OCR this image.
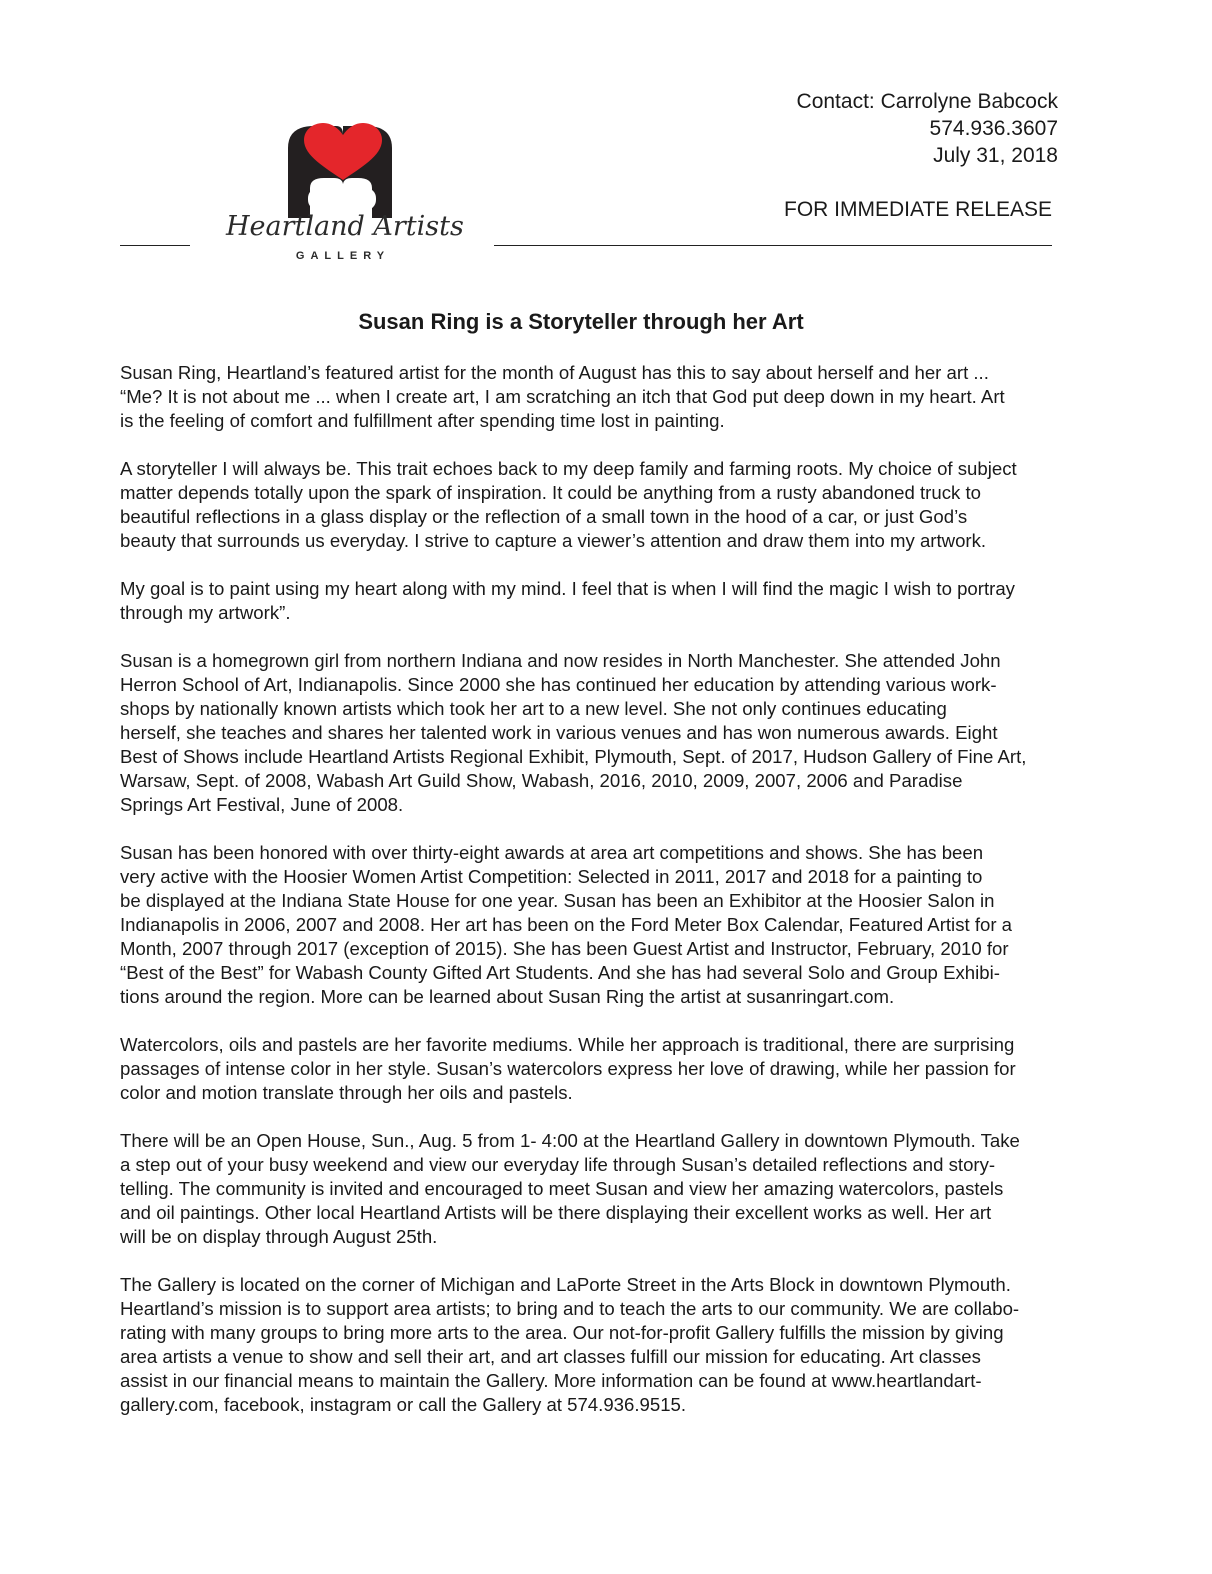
Contact: Carrolyne Babcock
574.936.3607
July 31, 2018
FOR IMMEDIATE RELEASE
Heartland Artists
GALLERY
Susan Ring is a Storyteller through her Art

Susan Ring, Heartland’s featured artist for the month of August has this to say about herself and her art ...
“Me? It is not about me ... when I create art, I am scratching an itch that God put deep down in my heart. Art
is the feeling of comfort and fulfillment after spending time lost in painting.

A storyteller I will always be. This trait echoes back to my deep family and farming roots. My choice of subject
matter depends totally upon the spark of inspiration. It could be anything from a rusty abandoned truck to
beautiful reflections in a glass display or the reflection of a small town in the hood of a car, or just God’s
beauty that surrounds us everyday. I strive to capture a viewer’s attention and draw them into my artwork.

My goal is to paint using my heart along with my mind. I feel that is when I will find the magic I wish to portray
through my artwork”.

Susan is a homegrown girl from northern Indiana and now resides in North Manchester. She attended John
Herron School of Art, Indianapolis. Since 2000 she has continued her education by attending various work-
shops by nationally known artists which took her art to a new level. She not only continues educating
herself, she teaches and shares her talented work in various venues and has won numerous awards. Eight
Best of Shows include Heartland Artists Regional Exhibit, Plymouth, Sept. of 2017, Hudson Gallery of Fine Art,
Warsaw, Sept. of 2008, Wabash Art Guild Show, Wabash, 2016, 2010, 2009, 2007, 2006 and Paradise
Springs Art Festival, June of 2008.

Susan has been honored with over thirty-eight awards at area art competitions and shows. She has been
very active with the Hoosier Women Artist Competition: Selected in 2011, 2017 and 2018 for a painting to
be displayed at the Indiana State House for one year. Susan has been an Exhibitor at the Hoosier Salon in
Indianapolis in 2006, 2007 and 2008. Her art has been on the Ford Meter Box Calendar, Featured Artist for a
Month, 2007 through 2017 (exception of 2015). She has been Guest Artist and Instructor, February, 2010 for
“Best of the Best” for Wabash County Gifted Art Students. And she has had several Solo and Group Exhibi-
tions around the region. More can be learned about Susan Ring the artist at susanringart.com.

Watercolors, oils and pastels are her favorite mediums. While her approach is traditional, there are surprising
passages of intense color in her style. Susan’s watercolors express her love of drawing, while her passion for
color and motion translate through her oils and pastels.

There will be an Open House, Sun., Aug. 5 from 1- 4:00 at the Heartland Gallery in downtown Plymouth. Take
a step out of your busy weekend and view our everyday life through Susan’s detailed reflections and story-
telling. The community is invited and encouraged to meet Susan and view her amazing watercolors, pastels
and oil paintings. Other local Heartland Artists will be there displaying their excellent works as well. Her art
will be on display through August 25th.

The Gallery is located on the corner of Michigan and LaPorte Street in the Arts Block in downtown Plymouth.
Heartland’s mission is to support area artists; to bring and to teach the arts to our community. We are collabo-
rating with many groups to bring more arts to the area. Our not-for-profit Gallery fulfills the mission by giving
area artists a venue to show and sell their art, and art classes fulfill our mission for educating. Art classes
assist in our financial means to maintain the Gallery. More information can be found at www.heartlandart-
gallery.com, facebook, instagram or call the Gallery at 574.936.9515.
